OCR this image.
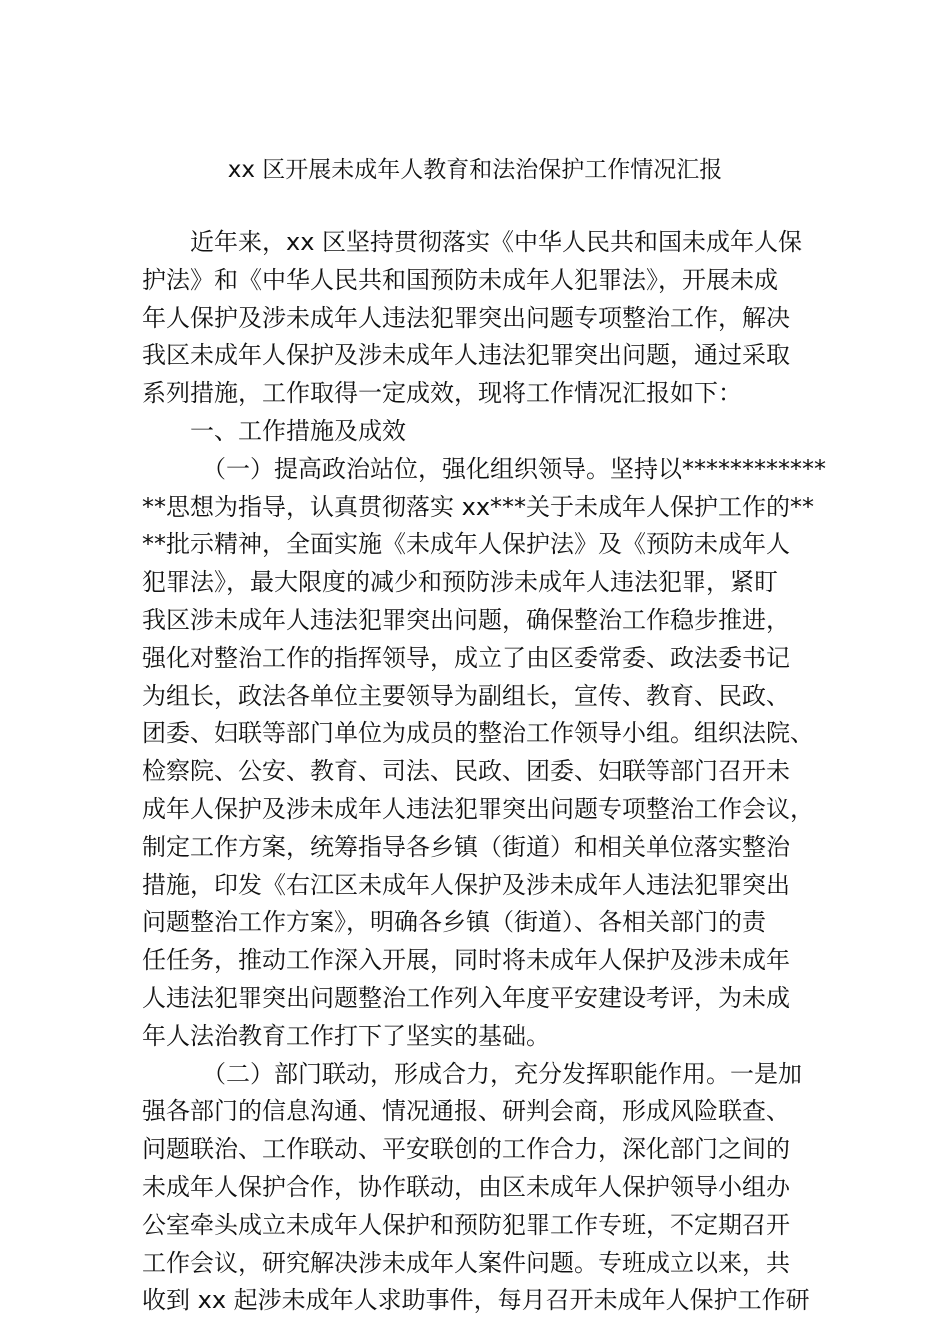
xx 区开展未成年人教育和法治保护工作情况汇报
近年来，xx 区坚持贯彻落实《中华人民共和国未成年人保
护法》和《中华人民共和国预防未成年人犯罪法》，开展未成
年人保护及涉未成年人违法犯罪突出问题专项整治工作，解决
我区未成年人保护及涉未成年人违法犯罪突出问题，通过采取
系列措施，工作取得一定成效，现将工作情况汇报如下：
一、工作措施及成效
（一）提高政治站位，强化组织领导。坚持以************
**思想为指导，认真贯彻落实 xx***关于未成年人保护工作的**
**批示精神，全面实施《未成年人保护法》及《预防未成年人
犯罪法》，最大限度的减少和预防涉未成年人违法犯罪，紧盯
我区涉未成年人违法犯罪突出问题，确保整治工作稳步推进，
强化对整治工作的指挥领导，成立了由区委常委、政法委书记
为组长，政法各单位主要领导为副组长，宣传、教育、民政、
团委、妇联等部门单位为成员的整治工作领导小组。组织法院、
检察院、公安、教育、司法、民政、团委、妇联等部门召开未
成年人保护及涉未成年人违法犯罪突出问题专项整治工作会议，
制定工作方案，统筹指导各乡镇（街道）和相关单位落实整治
措施，印发《右江区未成年人保护及涉未成年人违法犯罪突出
问题整治工作方案》，明确各乡镇（街道）、各相关部门的责
任任务，推动工作深入开展，同时将未成年人保护及涉未成年
人违法犯罪突出问题整治工作列入年度平安建设考评，为未成
年人法治教育工作打下了坚实的基础。
（二）部门联动，形成合力，充分发挥职能作用。一是加
强各部门的信息沟通、情况通报、研判会商，形成风险联查、
问题联治、工作联动、平安联创的工作合力，深化部门之间的
未成年人保护合作，协作联动，由区未成年人保护领导小组办
公室牵头成立未成年人保护和预防犯罪工作专班，不定期召开
工作会议，研究解决涉未成年人案件问题。专班成立以来，共
收到 xx 起涉未成年人求助事件，每月召开未成年人保护工作研
